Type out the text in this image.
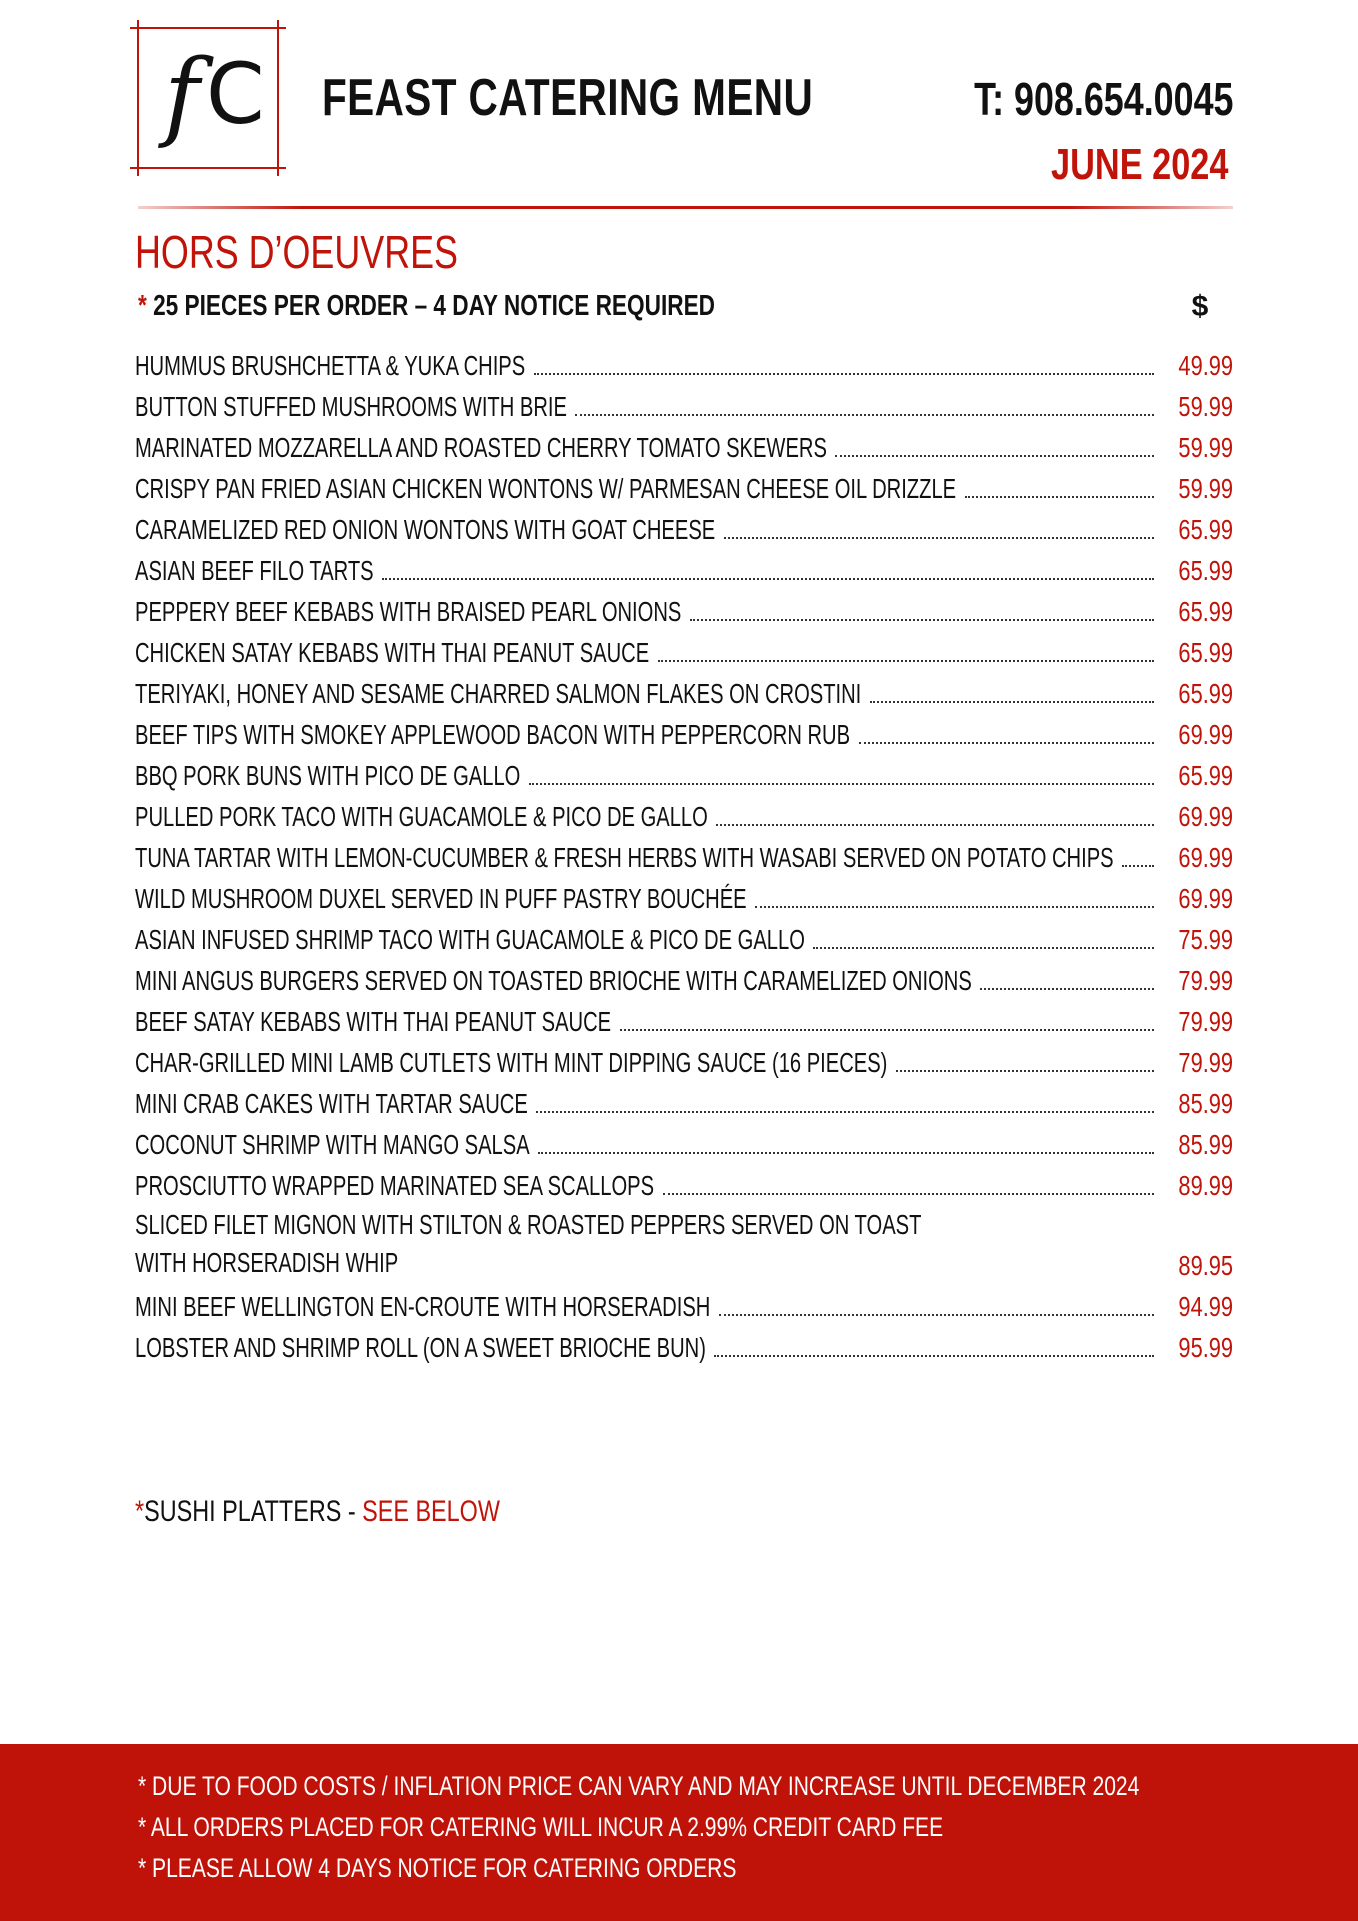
f C FEAST CATERING MENU	T: 908.654.0045
JUNE 2024
HORS D’OEUVRES
* 25 PIECES PER ORDER – 4 DAY NOTICE REQUIRED	$
HUMMUS BRUSHCHETTA & YUKA CHIPS	49.99
BUTTON STUFFED MUSHROOMS WITH BRIE	59.99
MARINATED MOZZARELLA AND ROASTED CHERRY TOMATO SKEWERS	59.99
CRISPY PAN FRIED ASIAN CHICKEN WONTONS W/ PARMESAN CHEESE OIL DRIZZLE	59.99
CARAMELIZED RED ONION WONTONS WITH GOAT CHEESE	65.99
ASIAN BEEF FILO TARTS	65.99
PEPPERY BEEF KEBABS WITH BRAISED PEARL ONIONS	65.99
CHICKEN SATAY KEBABS WITH THAI PEANUT SAUCE	65.99
TERIYAKI, HONEY AND SESAME CHARRED SALMON FLAKES ON CROSTINI	65.99
BEEF TIPS WITH SMOKEY APPLEWOOD BACON WITH PEPPERCORN RUB	69.99
BBQ PORK BUNS WITH PICO DE GALLO	65.99
PULLED PORK TACO WITH GUACAMOLE & PICO DE GALLO	69.99
TUNA TARTAR WITH LEMON-CUCUMBER & FRESH HERBS WITH WASABI SERVED ON POTATO CHIPS	69.99
WILD MUSHROOM DUXEL SERVED IN PUFF PASTRY BOUCHÉE	69.99
ASIAN INFUSED SHRIMP TACO WITH GUACAMOLE & PICO DE GALLO	75.99
MINI ANGUS BURGERS SERVED ON TOASTED BRIOCHE WITH CARAMELIZED ONIONS	79.99
BEEF SATAY KEBABS WITH THAI PEANUT SAUCE	79.99
CHAR-GRILLED MINI LAMB CUTLETS WITH MINT DIPPING SAUCE (16 PIECES)	79.99
MINI CRAB CAKES WITH TARTAR SAUCE	85.99
COCONUT SHRIMP WITH MANGO SALSA	85.99
PROSCIUTTO WRAPPED MARINATED SEA SCALLOPS	89.99
SLICED FILET MIGNON WITH STILTON & ROASTED PEPPERS SERVED ON TOAST
WITH HORSERADISH WHIP	89.95
MINI BEEF WELLINGTON EN-CROUTE WITH HORSERADISH	94.99
LOBSTER AND SHRIMP ROLL (ON A SWEET BRIOCHE BUN)	95.99
*SUSHI PLATTERS - SEE BELOW
* DUE TO FOOD COSTS / INFLATION PRICE CAN VARY AND MAY INCREASE UNTIL DECEMBER 2024
* ALL ORDERS PLACED FOR CATERING WILL INCUR A 2.99% CREDIT CARD FEE
* PLEASE ALLOW 4 DAYS NOTICE FOR CATERING ORDERS
